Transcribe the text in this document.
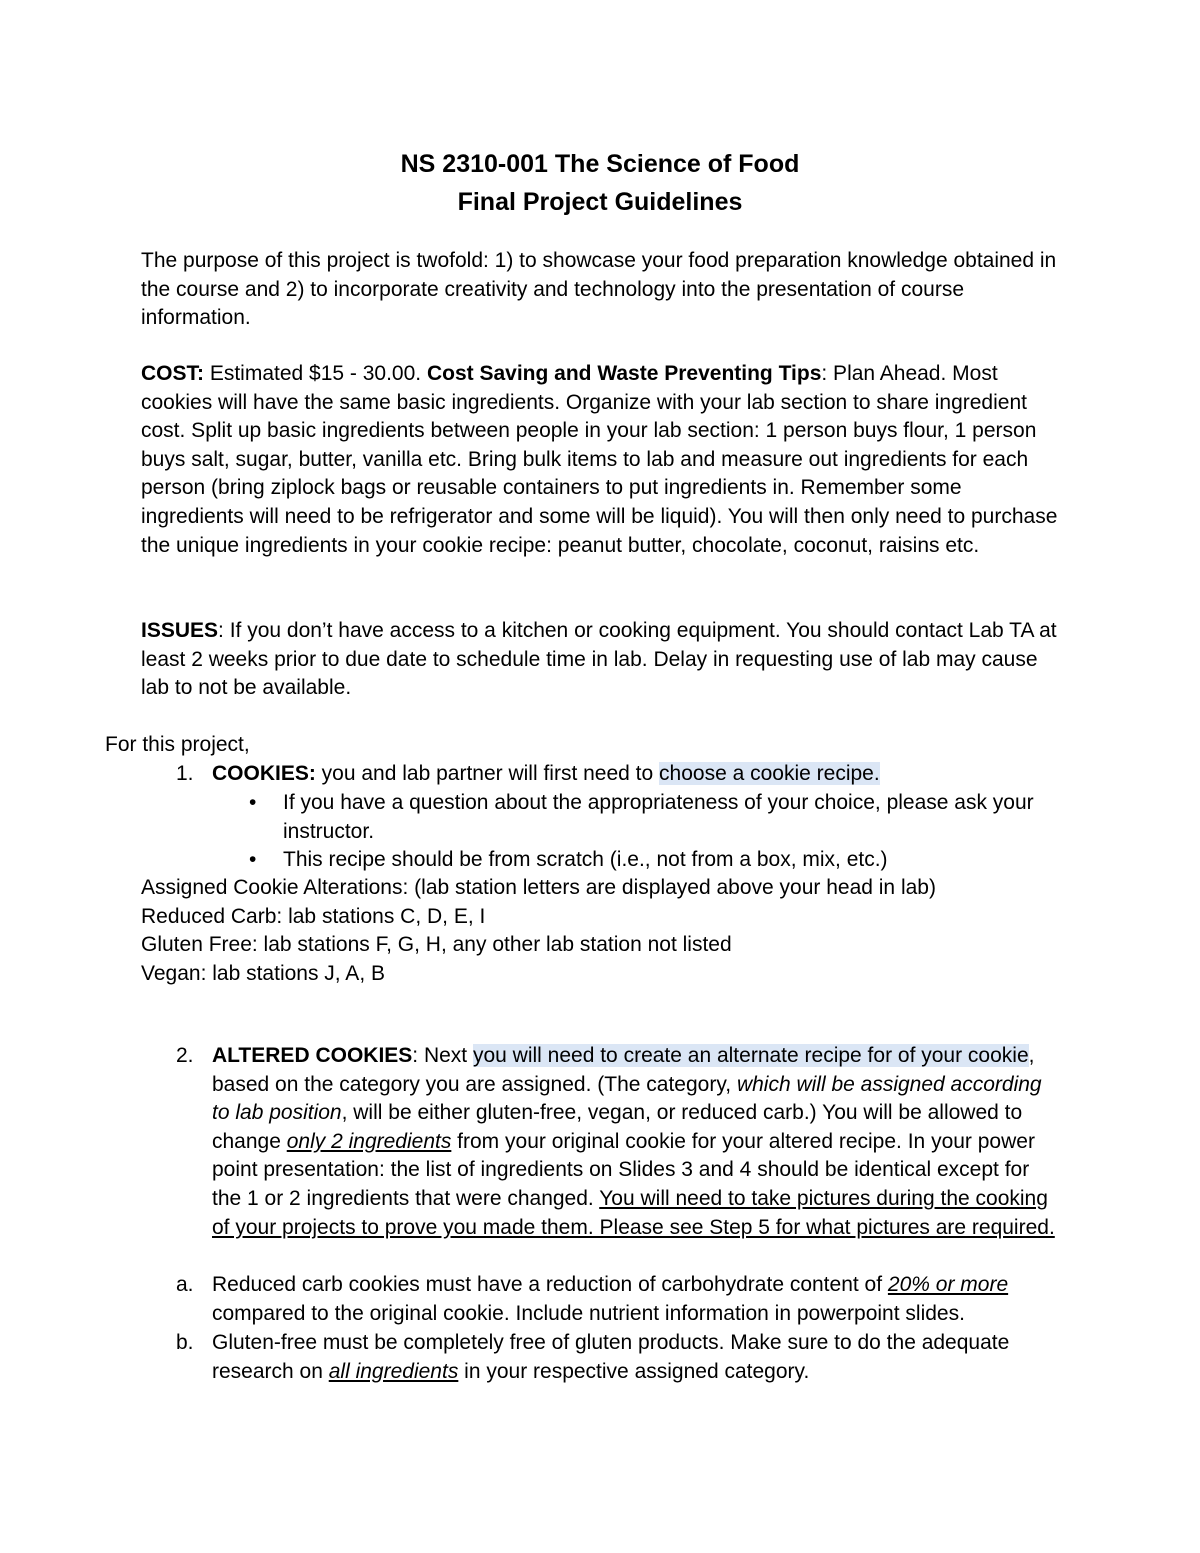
NS 2310-001 The Science of Food
Final Project Guidelines
The purpose of this project is twofold: 1) to showcase your food preparation knowledge obtained in the course and 2) to incorporate creativity and technology into the presentation of course information.
COST: Estimated $15 - 30.00. Cost Saving and Waste Preventing Tips: Plan Ahead. Most cookies will have the same basic ingredients. Organize with your lab section to share ingredient cost. Split up basic ingredients between people in your lab section: 1 person buys flour, 1 person buys salt, sugar, butter, vanilla etc. Bring bulk items to lab and measure out ingredients for each person (bring ziplock bags or reusable containers to put ingredients in. Remember some ingredients will need to be refrigerator and some will be liquid). You will then only need to purchase the unique ingredients in your cookie recipe: peanut butter, chocolate, coconut, raisins etc.
ISSUES: If you don’t have access to a kitchen or cooking equipment. You should contact Lab TA at least 2 weeks prior to due date to schedule time in lab. Delay in requesting use of lab may cause lab to not be available.
For this project,
1. COOKIES: you and lab partner will first need to choose a cookie recipe.
• If you have a question about the appropriateness of your choice, please ask your instructor.
• This recipe should be from scratch (i.e., not from a box, mix, etc.)
Assigned Cookie Alterations: (lab station letters are displayed above your head in lab)
Reduced Carb: lab stations C, D, E, I
Gluten Free: lab stations F, G, H, any other lab station not listed
Vegan: lab stations J, A, B
2. ALTERED COOKIES: Next you will need to create an alternate recipe for of your cookie, based on the category you are assigned. (The category, which will be assigned according to lab position, will be either gluten-free, vegan, or reduced carb.) You will be allowed to change only 2 ingredients from your original cookie for your altered recipe. In your power point presentation: the list of ingredients on Slides 3 and 4 should be identical except for the 1 or 2 ingredients that were changed. You will need to take pictures during the cooking of your projects to prove you made them. Please see Step 5 for what pictures are required.
a. Reduced carb cookies must have a reduction of carbohydrate content of 20% or more compared to the original cookie. Include nutrient information in powerpoint slides.
b. Gluten-free must be completely free of gluten products. Make sure to do the adequate research on all ingredients in your respective assigned category.
